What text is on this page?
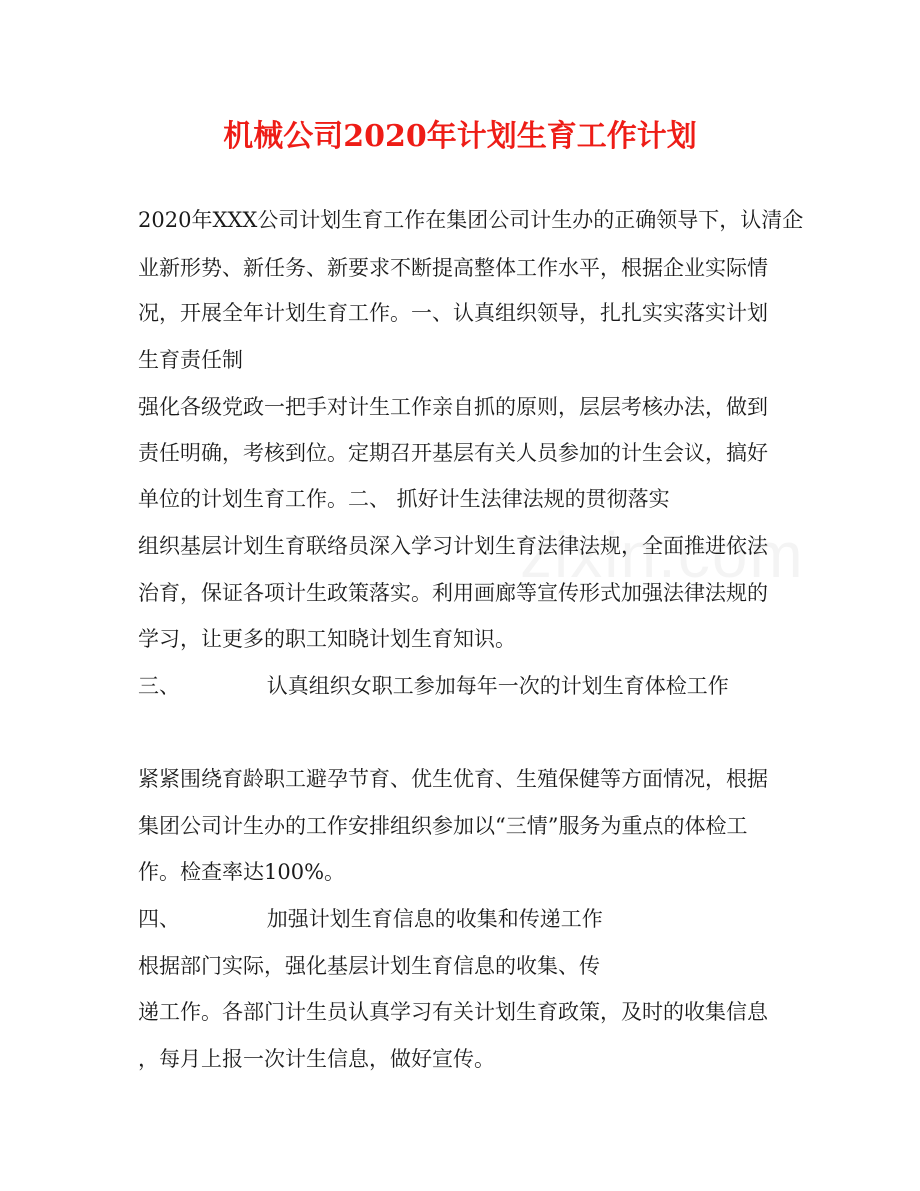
机械公司2020年计划生育工作计划
2020年XXX公司计划生育工作在集团公司计生办的正确领导下，认清企
业新形势、新任务、新要求不断提高整体工作水平，根据企业实际情
况，开展全年计划生育工作。一、认真组织领导，扎扎实实落实计划
生育责任制
强化各级党政一把手对计生工作亲自抓的原则，层层考核办法，做到
责任明确，考核到位。定期召开基层有关人员参加的计生会议，搞好
单位的计划生育工作。二、 抓好计生法律法规的贯彻落实
组织基层计划生育联络员深入学习计划生育法律法规，全面推进依法
治育，保证各项计生政策落实。利用画廊等宣传形式加强法律法规的
学习，让更多的职工知晓计划生育知识。
三、             认真组织女职工参加每年一次的计划生育体检工作
紧紧围绕育龄职工避孕节育、优生优育、生殖保健等方面情况，根据
集团公司计生办的工作安排组织参加以“三情”服务为重点的体检工
作。检查率达100%。
四、             加强计划生育信息的收集和传递工作
根据部门实际，强化基层计划生育信息的收集、传
递工作。各部门计生员认真学习有关计划生育政策，及时的收集信息
，每月上报一次计生信息，做好宣传。
